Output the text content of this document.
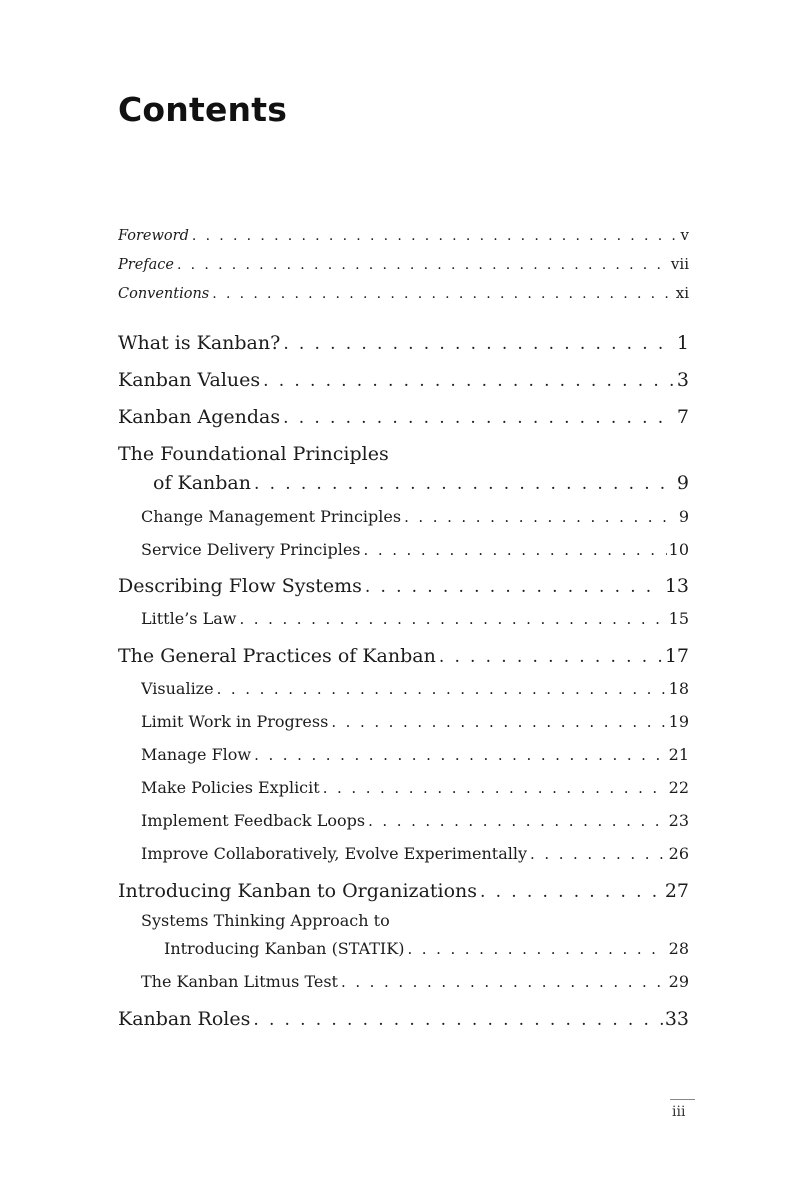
Contents
Foreword . . .	v
Preface . . .	vii
Conventions . . .	xi
What is Kanban? . . .	1
Kanban Values . . .	3
Kanban Agendas . . .	7
The Foundational Principles
of Kanban . . .	9
Change Management Principles . . .	9
Service Delivery Principles . . .	10
Describing Flow Systems . . .	13
Little’s Law . . .	15
The General Practices of Kanban . . .	17
Visualize . . .	18
Limit Work in Progress . . .	19
Manage Flow . . .	21
Make Policies Explicit . . .	22
Implement Feedback Loops . . .	23
Improve Collaboratively, Evolve Experimentally . . .	26
Introducing Kanban to Organizations . . .	27
Systems Thinking Approach to
Introducing Kanban (STATIK) . . .	28
The Kanban Litmus Test . . .	29
Kanban Roles . . .	33
iii
